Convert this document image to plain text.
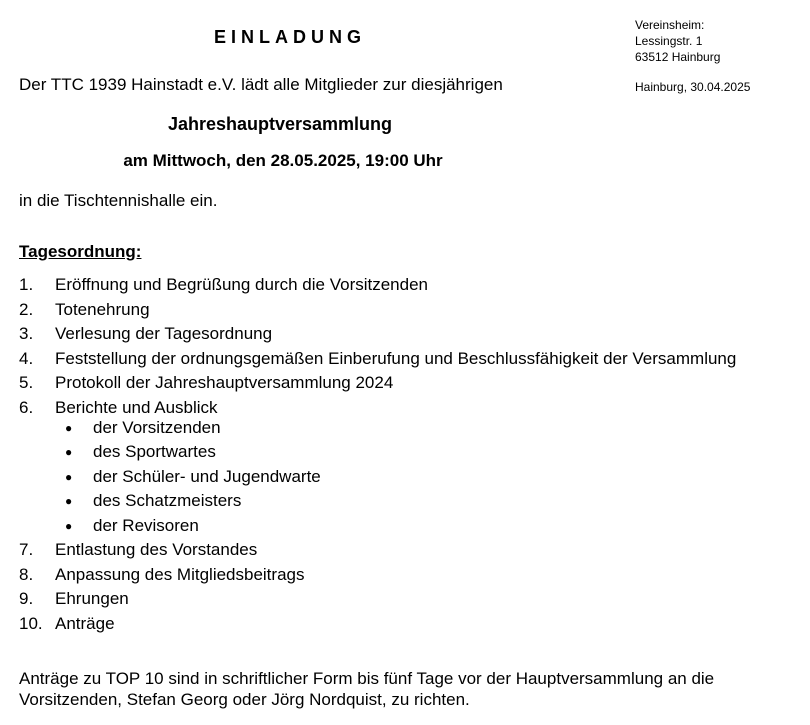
EINLADUNG
Vereinsheim:
Lessingstr. 1
63512 Hainburg
Hainburg, 30.04.2025
Der TTC 1939 Hainstadt e.V. lädt alle Mitglieder zur diesjährigen
Jahreshauptversammlung
am Mittwoch, den 28.05.2025, 19:00 Uhr
in die Tischtennishalle ein.
Tagesordnung:
1.	Eröffnung und Begrüßung durch die Vorsitzenden
2.	Totenehrung
3.	Verlesung der Tagesordnung
4.	Feststellung der ordnungsgemäßen Einberufung und Beschlussfähigkeit der Versammlung
5.	Protokoll der Jahreshauptversammlung 2024
6.	Berichte und Ausblick
●	der Vorsitzenden
●	des Sportwartes
●	der Schüler- und Jugendwarte
●	des Schatzmeisters
●	der Revisoren
7.	Entlastung des Vorstandes
8.	Anpassung des Mitgliedsbeitrags
9.	Ehrungen
10. Anträge
Anträge zu TOP 10 sind in schriftlicher Form bis fünf Tage vor der Hauptversammlung an die Vorsitzenden, Stefan Georg oder Jörg Nordquist, zu richten.
